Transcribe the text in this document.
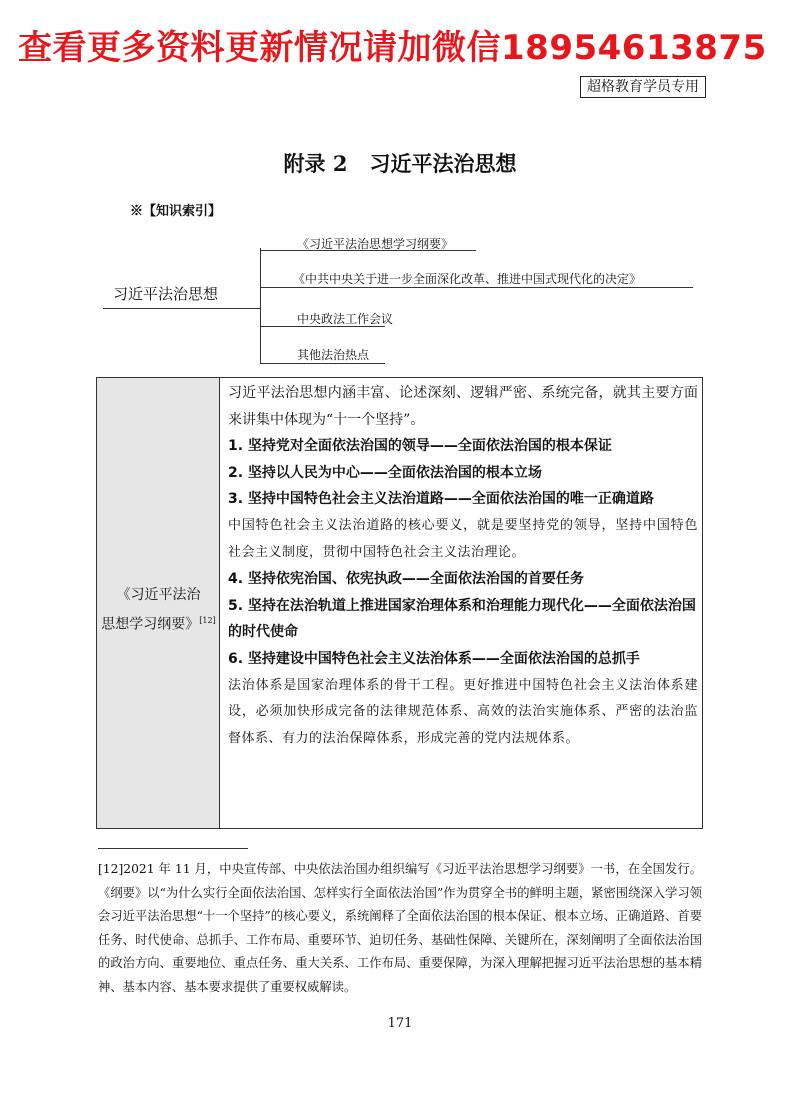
查看更多资料更新情况请加微信18954613875
超格教育学员专用
附录 2 习近平法治思想
※【知识索引】
习近平法治思想
《习近平法治思想学习纲要》
《中共中央关于进一步全面深化改革、推进中国式现代化的决定》
中央政法工作会议
其他法治热点
《习近平法治
思想学习纲要》[12]

习近平法治思想内涵丰富、论述深刻、逻辑严密、系统完备，就其主要方面来讲集中体现为“十一个坚持”。

1. 坚持党对全面依法治国的领导——全面依法治国的根本保证

2. 坚持以人民为中心——全面依法治国的根本立场

3. 坚持中国特色社会主义法治道路——全面依法治国的唯一正确道路

中国特色社会主义法治道路的核心要义，就是要坚持党的领导，坚持中国特色社会主义制度，贯彻中国特色社会主义法治理论。

4. 坚持依宪治国、依宪执政——全面依法治国的首要任务

5. 坚持在法治轨道上推进国家治理体系和治理能力现代化——全面依法治国的时代使命

6. 坚持建设中国特色社会主义法治体系——全面依法治国的总抓手

法治体系是国家治理体系的骨干工程。更好推进中国特色社会主义法治体系建设，必须加快形成完备的法律规范体系、高效的法治实施体系、严密的法治监督体系、有力的法治保障体系，形成完善的党内法规体系。

[12]2021 年 11 月，中央宣传部、中央依法治国办组织编写《习近平法治思想学习纲要》一书，在全国发行。《纲要》以“为什么实行全面依法治国、怎样实行全面依法治国”作为贯穿全书的鲜明主题，紧密围绕深入学习领会习近平法治思想“十一个坚持”的核心要义，系统阐释了全面依法治国的根本保证、根本立场、正确道路、首要任务、时代使命、总抓手、工作布局、重要环节、迫切任务、基础性保障、关键所在，深刻阐明了全面依法治国的政治方向、重要地位、重点任务、重大关系、工作布局、重要保障，为深入理解把握习近平法治思想的基本精神、基本内容、基本要求提供了重要权威解读。
171
